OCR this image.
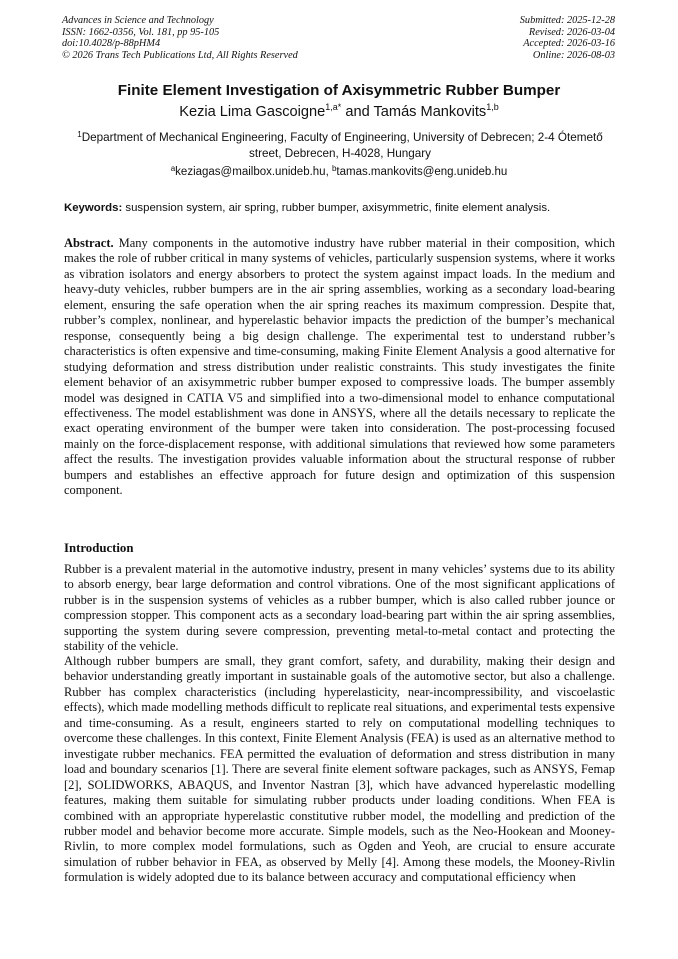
Advances in Science and Technology
ISSN: 1662-0356, Vol. 181, pp 95-105
doi:10.4028/p-88pHM4
© 2026 Trans Tech Publications Ltd, All Rights Reserved
Submitted: 2025-12-28
Revised: 2026-03-04
Accepted: 2026-03-16
Online: 2026-08-03
Finite Element Investigation of Axisymmetric Rubber Bumper
Kezia Lima Gascoigne$^{1,a*}$ and Tamás Mankovits$^{1,b}$
$^1$Department of Mechanical Engineering, Faculty of Engineering, University of Debrecen; 2-4 Ótemető street, Debrecen, H-4028, Hungary
$^a$keziagas@mailbox.unideb.hu, $^b$tamas.mankovits@eng.unideb.hu
Keywords: suspension system, air spring, rubber bumper, axisymmetric, finite element analysis.
Abstract. Many components in the automotive industry have rubber material in their composition, which makes the role of rubber critical in many systems of vehicles, particularly suspension systems, where it works as vibration isolators and energy absorbers to protect the system against impact loads. In the medium and heavy-duty vehicles, rubber bumpers are in the air spring assemblies, working as a secondary load-bearing element, ensuring the safe operation when the air spring reaches its maximum compression. Despite that, rubber’s complex, nonlinear, and hyperelastic behavior impacts the prediction of the bumper’s mechanical response, consequently being a big design challenge. The experimental test to understand rubber’s characteristics is often expensive and time-consuming, making Finite Element Analysis a good alternative for studying deformation and stress distribution under realistic constraints. This study investigates the finite element behavior of an axisymmetric rubber bumper exposed to compressive loads. The bumper assembly model was designed in CATIA V5 and simplified into a two-dimensional model to enhance computational effectiveness. The model establishment was done in ANSYS, where all the details necessary to replicate the exact operating environment of the bumper were taken into consideration. The post-processing focused mainly on the force-displacement response, with additional simulations that reviewed how some parameters affect the results. The investigation provides valuable information about the structural response of rubber bumpers and establishes an effective approach for future design and optimization of this suspension component.
Introduction
Rubber is a prevalent material in the automotive industry, present in many vehicles’ systems due to its ability to absorb energy, bear large deformation and control vibrations. One of the most significant applications of rubber is in the suspension systems of vehicles as a rubber bumper, which is also called rubber jounce or compression stopper. This component acts as a secondary load-bearing part within the air spring assemblies, supporting the system during severe compression, preventing metal-to-metal contact and protecting the stability of the vehicle.
Although rubber bumpers are small, they grant comfort, safety, and durability, making their design and behavior understanding greatly important in sustainable goals of the automotive sector, but also a challenge. Rubber has complex characteristics (including hyperelasticity, near-incompressibility, and viscoelastic effects), which made modelling methods difficult to replicate real situations, and experimental tests expensive and time-consuming. As a result, engineers started to rely on computational modelling techniques to overcome these challenges. In this context, Finite Element Analysis (FEA) is used as an alternative method to investigate rubber mechanics. FEA permitted the evaluation of deformation and stress distribution in many load and boundary scenarios [1]. There are several finite element software packages, such as ANSYS, Femap [2], SOLIDWORKS, ABAQUS, and Inventor Nastran [3], which have advanced hyperelastic modelling features, making them suitable for simulating rubber products under loading conditions. When FEA is combined with an appropriate hyperelastic constitutive rubber model, the modelling and prediction of the rubber model and behavior become more accurate. Simple models, such as the Neo-Hookean and Mooney-Rivlin, to more complex model formulations, such as Ogden and Yeoh, are crucial to ensure accurate simulation of rubber behavior in FEA, as observed by Melly [4]. Among these models, the Mooney-Rivlin formulation is widely adopted due to its balance between accuracy and computational efficiency when
